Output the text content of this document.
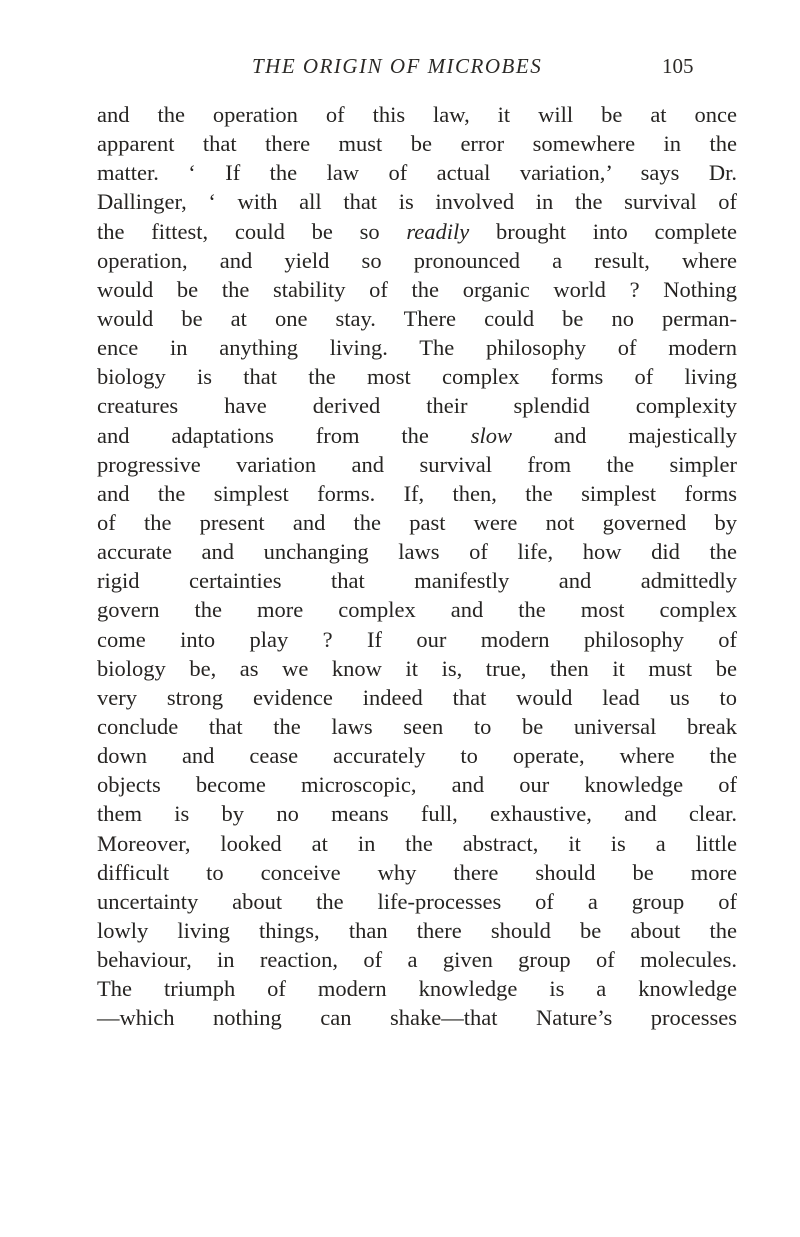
THE ORIGIN OF MICROBES	105
and the operation of this law, it will be at once
apparent that there must be error somewhere in the
matter. ‘ If the law of actual variation,’ says Dr.
Dallinger, ‘ with all that is involved in the survival of
the fittest, could be so readily brought into complete
operation, and yield so pronounced a result, where
would be the stability of the organic world ? Nothing
would be at one stay. There could be no perman-
ence in anything living. The philosophy of modern
biology is that the most complex forms of living
creatures have derived their splendid complexity
and adaptations from the slow and majestically
progressive variation and survival from the simpler
and the simplest forms. If, then, the simplest forms
of the present and the past were not governed by
accurate and unchanging laws of life, how did the
rigid certainties that manifestly and admittedly
govern the more complex and the most complex
come into play ? If our modern philosophy of
biology be, as we know it is, true, then it must be
very strong evidence indeed that would lead us to
conclude that the laws seen to be universal break
down and cease accurately to operate, where the
objects become microscopic, and our knowledge of
them is by no means full, exhaustive, and clear.
Moreover, looked at in the abstract, it is a little
difficult to conceive why there should be more
uncertainty about the life-processes of a group of
lowly living things, than there should be about the
behaviour, in reaction, of a given group of molecules.
The triumph of modern knowledge is a knowledge
—which nothing can shake—that Nature’s processes
